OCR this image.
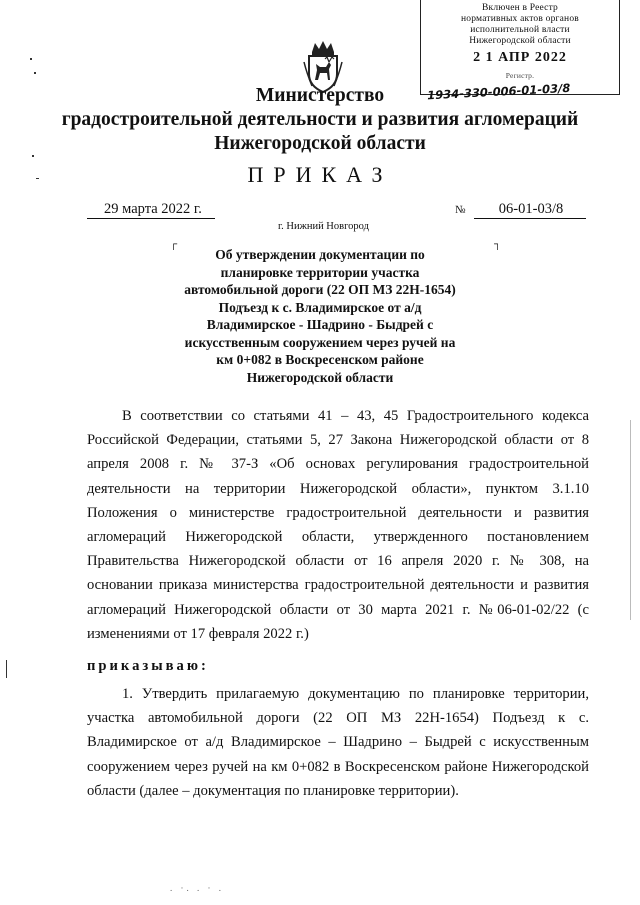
Включен в Реестр
нормативных актов органов
исполнительной власти
Нижегородской области
2 1 АПР 2022
Регистр.
1934-330-006-01-03/8
Министерство
градостроительной деятельности и развития агломераций
Нижегородской области
ПРИКАЗ
29 марта 2022 г.	№	06-01-03/8
г. Нижний Новгород
┌	┐
Об утверждении документации по
планировке территории участка
автомобильной дороги (22 ОП МЗ 22Н-1654)
Подъезд к с. Владимирское от а/д
Владимирское - Шадрино - Быдрей с
искусственным сооружением через ручей на
км 0+082 в Воскресенском районе
Нижегородской области
В соответствии со статьями 41 – 43, 45 Градостроительного кодекса Российской Федерации, статьями 5, 27 Закона Нижегородской области от 8 апреля 2008 г. № 37-З «Об основах регулирования градостроительной деятельности на территории Нижегородской области», пунктом 3.1.10 Положения о министерстве градостроительной деятельности и развития агломераций Нижегородской области, утвержденного постановлением Правительства Нижегородской области от 16 апреля 2020 г. № 308, на основании приказа министерства градостроительной деятельности и развития агломераций Нижегородской области от 30 марта 2021 г. №06-01-02/22 (с изменениями от 17 февраля 2022 г.)
приказываю:
1. Утвердить прилагаемую документацию по планировке территории, участка автомобильной дороги (22 ОП МЗ 22Н-1654) Подъезд к с. Владимирское от а/д Владимирское – Шадрино – Быдрей с искусственным сооружением через ручей на км 0+082 в Воскресенском районе Нижегородской области (далее – документация по планировке территории).
. ·. . · .
